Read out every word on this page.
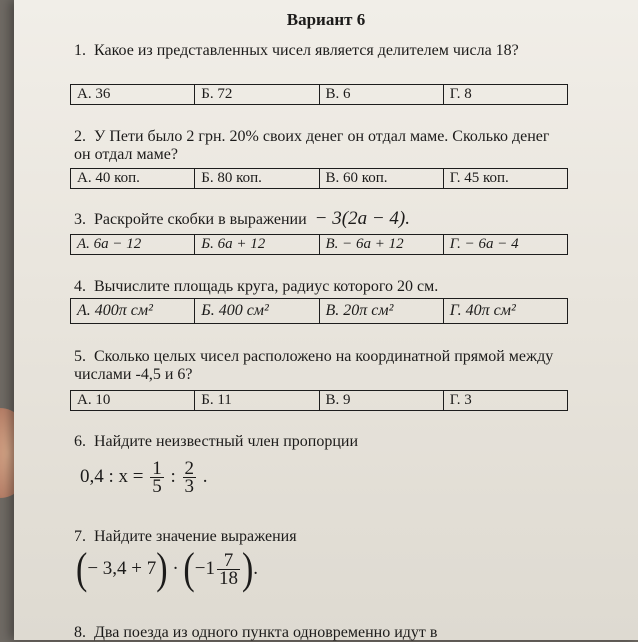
Вариант 6
1. Какое из представленных чисел является делителем числа 18?
А. 36	Б. 72	В. 6	Г. 8
2. У Пети было 2 грн. 20% своих денег он отдал маме. Сколько денег он отдал маме?
А. 40 коп.	Б. 80 коп.	В. 60 коп.	Г. 45 коп.
3. Раскройте скобки в выражении − 3(2a − 4).
А. 6a − 12	Б. 6a + 12	В. − 6a + 12	Г. − 6a − 4
4. Вычислите площадь круга, радиус которого 20 см.
А. 400π см²	Б. 400 см²	В. 20π см²	Г. 40π см²
5. Сколько целых чисел расположено на координатной прямой между числами -4,5 и 6?
А. 10	Б. 11	В. 9	Г. 3
6. Найдите неизвестный член пропорции
0,4 : $x = \frac{1}{5}$ : $\frac{2}{3}$ .
7. Найдите значение выражения
(− $3,4 + 7) \cdot (-1 \frac{7}{18}$ ).
8. Два поезда из одного пункта одновременно идут в
